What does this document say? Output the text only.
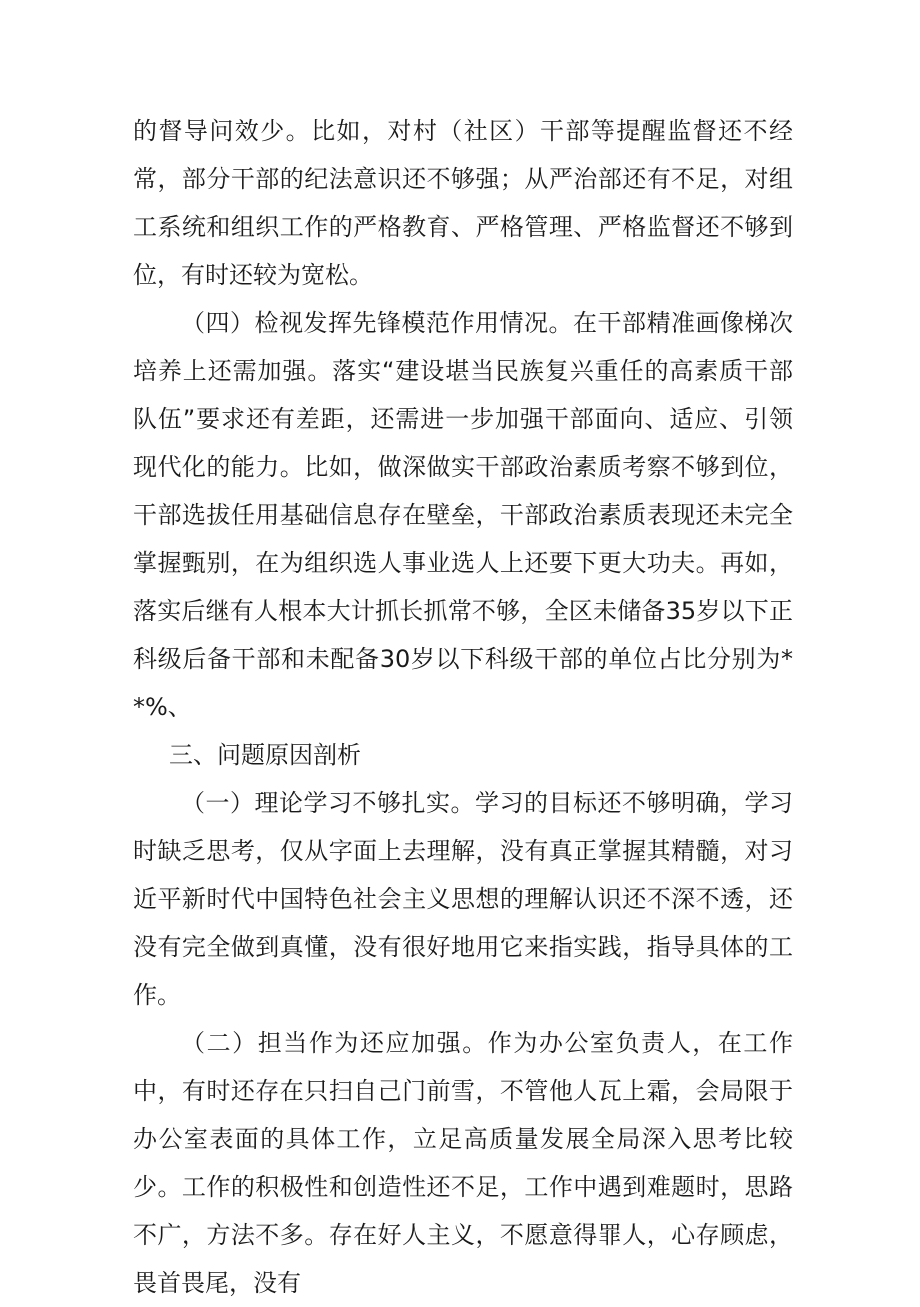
的督导问效少。比如，对村（社区）干部等提醒监督还不经常，部分干部的纪法意识还不够强；从严治部还有不足，对组工系统和组织工作的严格教育、严格管理、严格监督还不够到位，有时还较为宽松。

（四）检视发挥先锋模范作用情况。在干部精准画像梯次培养上还需加强。落实“建设堪当民族复兴重任的高素质干部队伍”要求还有差距，还需进一步加强干部面向、适应、引领现代化的能力。比如，做深做实干部政治素质考察不够到位，干部选拔任用基础信息存在壁垒，干部政治素质表现还未完全掌握甄别，在为组织选人事业选人上还要下更大功夫。再如，落实后继有人根本大计抓长抓常不够，全区未储备35岁以下正科级后备干部和未配备30岁以下科级干部的单位占比分别为**%、

三、问题原因剖析

（一）理论学习不够扎实。学习的目标还不够明确，学习时缺乏思考，仅从字面上去理解，没有真正掌握其精髓，对习近平新时代中国特色社会主义思想的理解认识还不深不透，还没有完全做到真懂，没有很好地用它来指实践，指导具体的工作。

（二）担当作为还应加强。作为办公室负责人，在工作中，有时还存在只扫自己门前雪，不管他人瓦上霜，会局限于办公室表面的具体工作，立足高质量发展全局深入思考比较少。工作的积极性和创造性还不足，工作中遇到难题时，思路不广，方法不多。存在好人主义，不愿意得罪人，心存顾虑，畏首畏尾，没有
